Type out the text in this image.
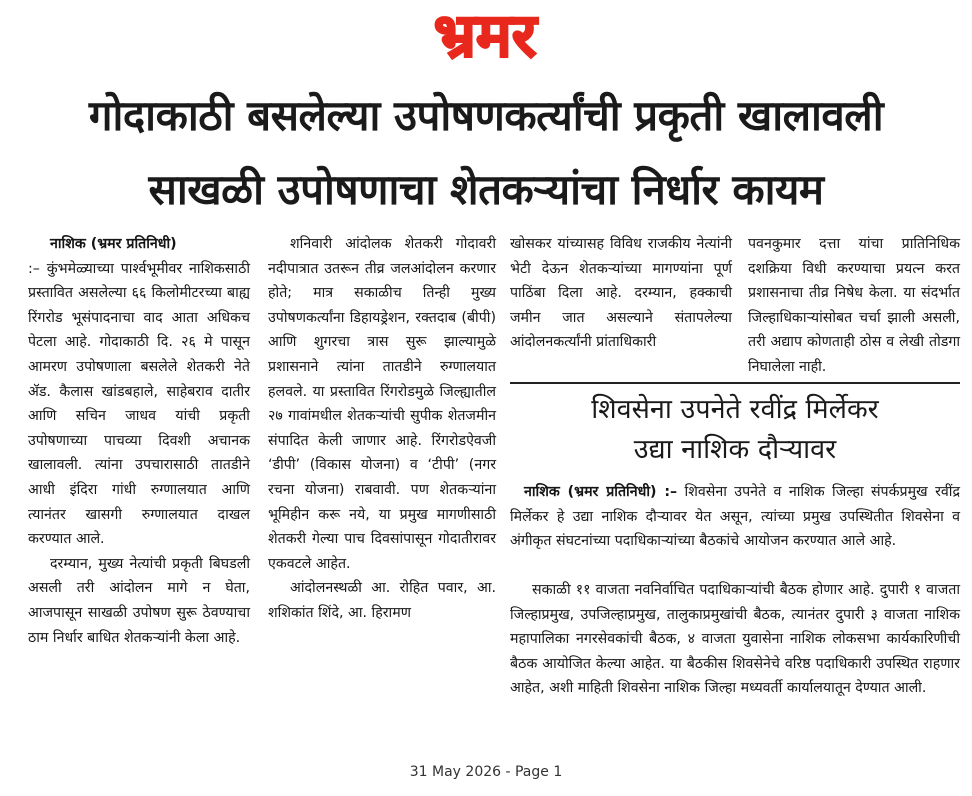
भ्रमर
गोदाकाठी बसलेल्या उपोषणकर्त्यांची प्रकृती खालावली
साखळी उपोषणाचा शेतकऱ्यांचा निर्धार कायम

नाशिक (भ्रमर प्रतिनिधी)

:– कुंभमेळ्याच्या पार्श्वभूमीवर नाशिकसाठी प्रस्तावित असलेल्या ६६ किलोमीटरच्या बाह्य रिंगरोड भूसंपादनाचा वाद आता अधिकच पेटला आहे. गोदाकाठी दि. २६ मे पासून आमरण उपोषणाला बसलेले शेतकरी नेते ॲड. कैलास खांडबहाले, साहेबराव दातीर आणि सचिन जाधव यांची प्रकृती उपोषणाच्या पाचव्या दिवशी अचानक खालावली. त्यांना उपचारासाठी तातडीने आधी इंदिरा गांधी रुग्णालयात आणि त्यानंतर खासगी रुग्णालयात दाखल करण्यात आले.

दरम्यान, मुख्य नेत्यांची प्रकृती बिघडली असली तरी आंदोलन मागे न घेता, आजपासून साखळी उपोषण सुरू ठेवण्याचा ठाम निर्धार बाधित शेतकऱ्यांनी केला आहे.

शनिवारी आंदोलक शेतकरी गोदावरी नदीपात्रात उतरून तीव्र जलआंदोलन करणार होते; मात्र सकाळीच तिन्ही मुख्य उपोषणकर्त्यांना डिहायड्रेशन, रक्तदाब (बीपी) आणि शुगरचा त्रास सुरू झाल्यामुळे प्रशासनाने त्यांना तातडीने रुग्णालयात हलवले. या प्रस्तावित रिंगरोडमुळे जिल्ह्यातील २७ गावांमधील शेतकऱ्यांची सुपीक शेतजमीन संपादित केली जाणार आहे. रिंगरोडऐवजी ‘डीपी’ (विकास योजना) व ‘टीपी’ (नगर रचना योजना) राबवावी. पण शेतकऱ्यांना भूमिहीन करू नये, या प्रमुख मागणीसाठी शेतकरी गेल्या पाच दिवसांपासून गोदातीरावर एकवटले आहेत.

आंदोलनस्थळी आ. रोहित पवार, आ. शशिकांत शिंदे, आ. हिरामण

खोसकर यांच्यासह विविध राजकीय नेत्यांनी भेटी देऊन शेतकऱ्यांच्या मागण्यांना पूर्ण पाठिंबा दिला आहे. दरम्यान, हक्काची जमीन जात असल्याने संतापलेल्या आंदोलनकर्त्यांनी प्रांताधिकारी

पवनकुमार दत्ता यांचा प्रातिनिधिक दशक्रिया विधी करण्याचा प्रयत्न करत प्रशासनाचा तीव्र निषेध केला. या संदर्भात जिल्हाधिकाऱ्यांसोबत चर्चा झाली असली, तरी अद्याप कोणताही ठोस व लेखी तोडगा निघालेला नाही.

शिवसेना उपनेते रवींद्र मिर्लेकर
उद्या नाशिक दौऱ्यावर
नाशिक (भ्रमर प्रतिनिधी) :– शिवसेना उपनेते व नाशिक जिल्हा संपर्कप्रमुख रवींद्र मिर्लेकर हे उद्या नाशिक दौऱ्यावर येत असून, त्यांच्या प्रमुख उपस्थितीत शिवसेना व अंगीकृत संघटनांच्या पदाधिकाऱ्यांच्या बैठकांचे आयोजन करण्यात आले आहे.
सकाळी ११ वाजता नवनिर्वाचित पदाधिकाऱ्यांची बैठक होणार आहे. दुपारी १ वाजता जिल्हाप्रमुख, उपजिल्हाप्रमुख, तालुकाप्रमुखांची बैठक, त्यानंतर दुपारी ३ वाजता नाशिक महापालिका नगरसेवकांची बैठक, ४ वाजता युवासेना नाशिक लोकसभा कार्यकारिणीची बैठक आयोजित केल्या आहेत. या बैठकीस शिवसेनेचे वरिष्ठ पदाधिकारी उपस्थित राहणार आहेत, अशी माहिती शिवसेना नाशिक जिल्हा मध्यवर्ती कार्यालयातून देण्यात आली.
31 May 2026 - Page 1
